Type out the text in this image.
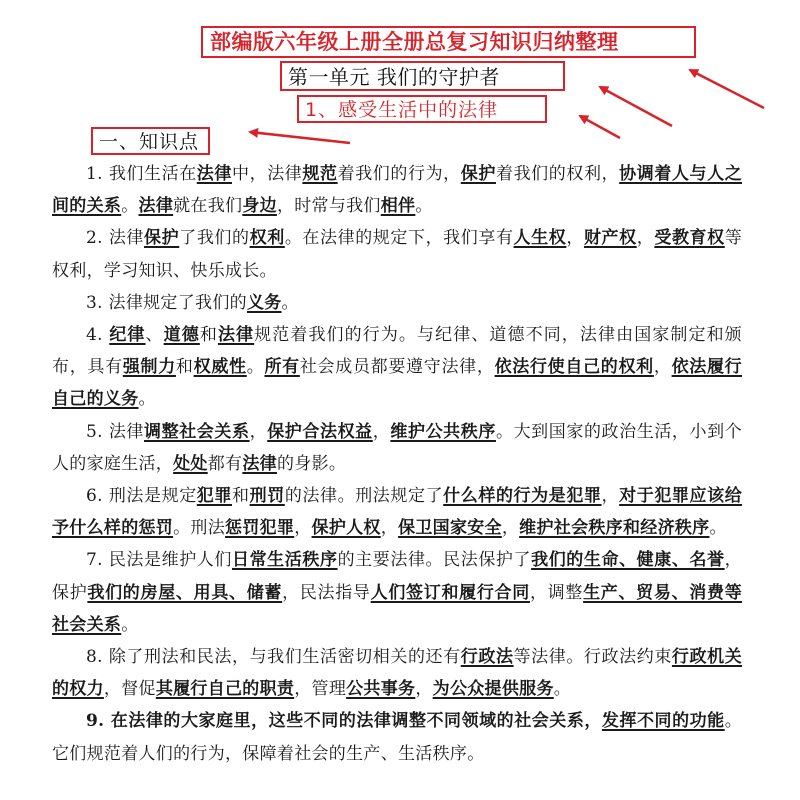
部编版六年级上册全册总复习知识归纳整理
第一单元 我们的守护者
1、感受生活中的法律
一、知识点

1. 我们生活在法律中，法律规范着我们的行为，保护着我们的权利，协调着人与人之间的关系。法律就在我们身边，时常与我们相伴。

2. 法律保护了我们的权利。在法律的规定下，我们享有人生权，财产权，受教育权等权利，学习知识、快乐成长。

3. 法律规定了我们的义务。

4. 纪律、道德和法律规范着我们的行为。与纪律、道德不同，法律由国家制定和颁布，具有强制力和权威性。所有社会成员都要遵守法律，依法行使自己的权利，依法履行自己的义务。

5. 法律调整社会关系，保护合法权益，维护公共秩序。大到国家的政治生活，小到个人的家庭生活，处处都有法律的身影。

6. 刑法是规定犯罪和刑罚的法律。刑法规定了什么样的行为是犯罪，对于犯罪应该给予什么样的惩罚。刑法惩罚犯罪，保护人权，保卫国家安全，维护社会秩序和经济秩序。

7. 民法是维护人们日常生活秩序的主要法律。民法保护了我们的生命、健康、名誉，保护我们的房屋、用具、储蓄，民法指导人们签订和履行合同，调整生产、贸易、消费等社会关系。

8. 除了刑法和民法，与我们生活密切相关的还有行政法等法律。行政法约束行政机关的权力，督促其履行自己的职责，管理公共事务，为公众提供服务。

9. 在法律的大家庭里，这些不同的法律调整不同领域的社会关系，发挥不同的功能。它们规范着人们的行为，保障着社会的生产、生活秩序。
